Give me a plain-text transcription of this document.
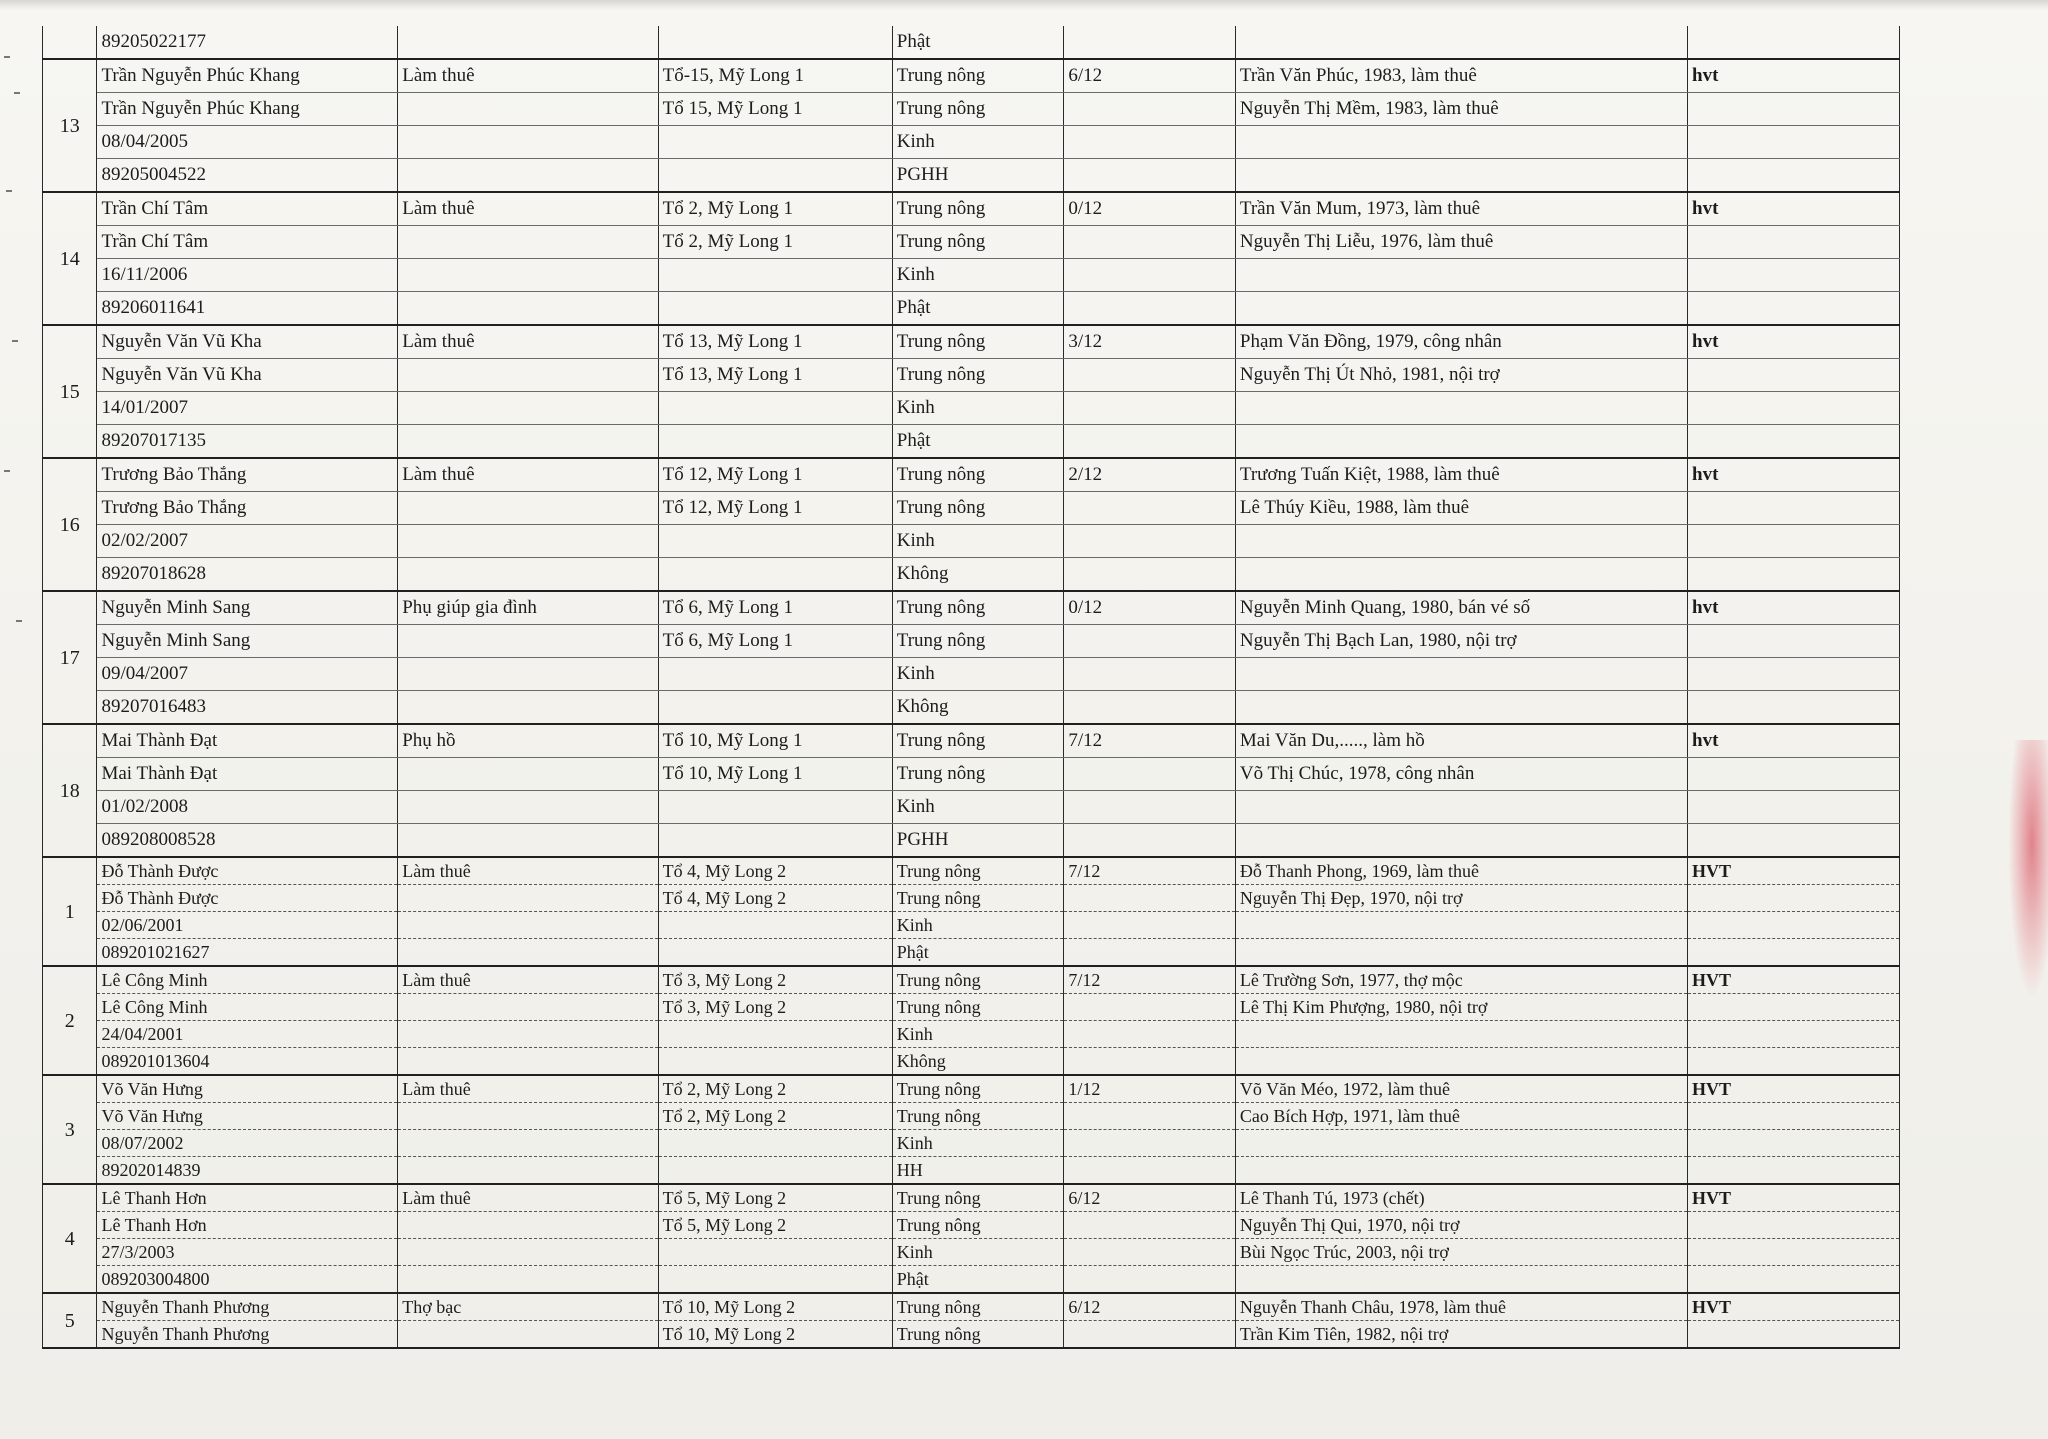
	89205022177			Phật			
13	Trần Nguyễn Phúc Khang	Làm thuê	Tổ-15, Mỹ Long 1	Trung nông	6/12	Trần Văn Phúc, 1983, làm thuê	hvt
	Trần Nguyễn Phúc Khang		Tổ 15, Mỹ Long 1	Trung nông		Nguyễn Thị Mềm, 1983, làm thuê	
	08/04/2005			Kinh			
	89205004522			PGHH			
14	Trần Chí Tâm	Làm thuê	Tổ 2, Mỹ Long 1	Trung nông	0/12	Trần Văn Mum, 1973, làm thuê	hvt
	Trần Chí Tâm		Tổ 2, Mỹ Long 1	Trung nông		Nguyễn Thị Liễu, 1976, làm thuê	
	16/11/2006			Kinh			
	89206011641			Phật			
15	Nguyễn Văn Vũ Kha	Làm thuê	Tổ 13, Mỹ Long 1	Trung nông	3/12	Phạm Văn Đồng, 1979, công nhân	hvt
	Nguyễn Văn Vũ Kha		Tổ 13, Mỹ Long 1	Trung nông		Nguyễn Thị Út Nhỏ, 1981, nội trợ	
	14/01/2007			Kinh			
	89207017135			Phật			
16	Trương Bảo Thắng	Làm thuê	Tổ 12, Mỹ Long 1	Trung nông	2/12	Trương Tuấn Kiệt, 1988, làm thuê	hvt
	Trương Bảo Thắng		Tổ 12, Mỹ Long 1	Trung nông		Lê Thúy Kiều, 1988, làm thuê	
	02/02/2007			Kinh			
	89207018628			Không			
17	Nguyễn Minh Sang	Phụ giúp gia đình	Tổ 6, Mỹ Long 1	Trung nông	0/12	Nguyễn Minh Quang, 1980, bán vé số	hvt
	Nguyễn Minh Sang		Tổ 6, Mỹ Long 1	Trung nông		Nguyễn Thị Bạch Lan, 1980, nội trợ	
	09/04/2007			Kinh			
	89207016483			Không			
18	Mai Thành Đạt	Phụ hồ	Tổ 10, Mỹ Long 1	Trung nông	7/12	Mai Văn Du,....., làm hồ	hvt
	Mai Thành Đạt		Tổ 10, Mỹ Long 1	Trung nông		Võ Thị Chúc, 1978, công nhân	
	01/02/2008			Kinh			
	089208008528			PGHH			
1	Đỗ Thành Được	Làm thuê	Tổ 4, Mỹ Long 2	Trung nông	7/12	Đỗ Thanh Phong, 1969, làm thuê	HVT
	Đỗ Thành Được		Tổ 4, Mỹ Long 2	Trung nông		Nguyễn Thị Đẹp, 1970, nội trợ	
	02/06/2001			Kinh			
	089201021627			Phật			
2	Lê Công Minh	Làm thuê	Tổ 3, Mỹ Long 2	Trung nông	7/12	Lê Trường Sơn, 1977, thợ mộc	HVT
	Lê Công Minh		Tổ 3, Mỹ Long 2	Trung nông		Lê Thị Kim Phượng, 1980, nội trợ	
	24/04/2001			Kinh			
	089201013604			Không			
3	Võ Văn Hưng	Làm thuê	Tổ 2, Mỹ Long 2	Trung nông	1/12	Võ Văn Méo, 1972, làm thuê	HVT
	Võ Văn Hưng		Tổ 2, Mỹ Long 2	Trung nông		Cao Bích Hợp, 1971, làm thuê	
	08/07/2002			Kinh			
	89202014839			HH			
4	Lê Thanh Hơn	Làm thuê	Tổ 5, Mỹ Long 2	Trung nông	6/12	Lê Thanh Tú, 1973 (chết)	HVT
	Lê Thanh Hơn		Tổ 5, Mỹ Long 2	Trung nông		Nguyễn Thị Qui, 1970, nội trợ	
	27/3/2003			Kinh		Bùi Ngọc Trúc, 2003, nội trợ	
	089203004800			Phật			
5	Nguyễn Thanh Phương	Thợ bạc	Tổ 10, Mỹ Long 2	Trung nông	6/12	Nguyễn Thanh Châu, 1978, làm thuê	HVT
	Nguyễn Thanh Phương		Tổ 10, Mỹ Long 2	Trung nông		Trần Kim Tiên, 1982, nội trợ	
